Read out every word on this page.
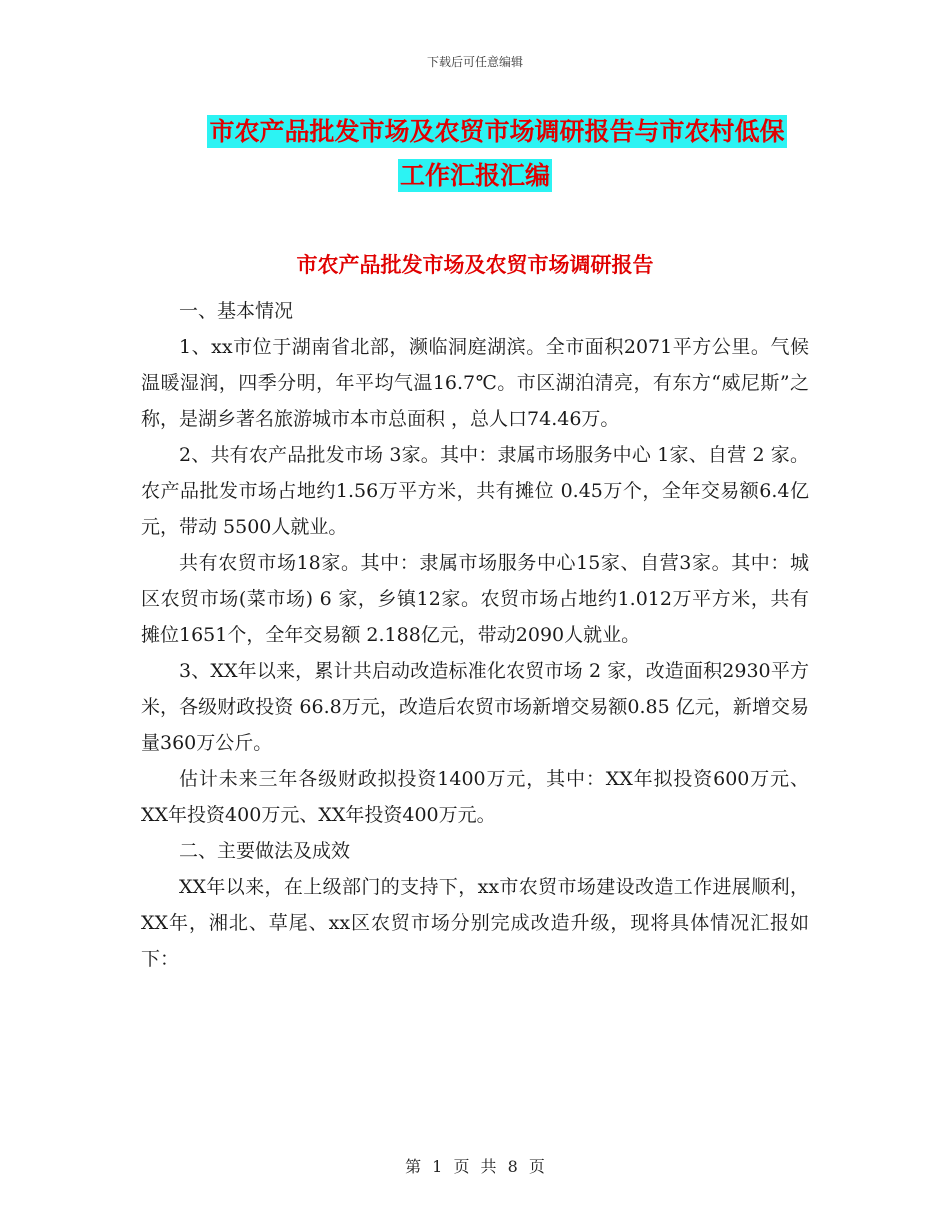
下载后可任意编辑
市农产品批发市场及农贸市场调研报告与市农村低保
工作汇报汇编
市农产品批发市场及农贸市场调研报告

一、基本情况

1、xx市位于湖南省北部，濒临洞庭湖滨。全市面积2071平方公里。气候温暖湿润，四季分明，年平均气温16.7℃。市区湖泊清亮，有东方“威尼斯”之称，是湖乡著名旅游城市本市总面积 ，总人口74.46万。

2、共有农产品批发市场 3家。其中：隶属市场服务中心 1家、自营 2 家。农产品批发市场占地约1.56万平方米，共有摊位 0.45万个，全年交易额6.4亿元，带动 5500人就业。

共有农贸市场18家。其中：隶属市场服务中心15家、自营3家。其中：城区农贸市场(菜市场) 6 家，乡镇12家。农贸市场占地约1.012万平方米，共有摊位1651个，全年交易额 2.188亿元，带动2090人就业。

3、XX年以来，累计共启动改造标准化农贸市场 2 家，改造面积2930平方米，各级财政投资 66.8万元，改造后农贸市场新增交易额0.85 亿元，新增交易量360万公斤。

估计未来三年各级财政拟投资1400万元，其中：XX年拟投资600万元、XX年投资400万元、XX年投资400万元。

二、主要做法及成效

XX年以来，在上级部门的支持下，xx市农贸市场建设改造工作进展顺利，XX年，湘北、草尾、xx区农贸市场分别完成改造升级，现将具体情况汇报如下：

第 1 页 共 8 页
